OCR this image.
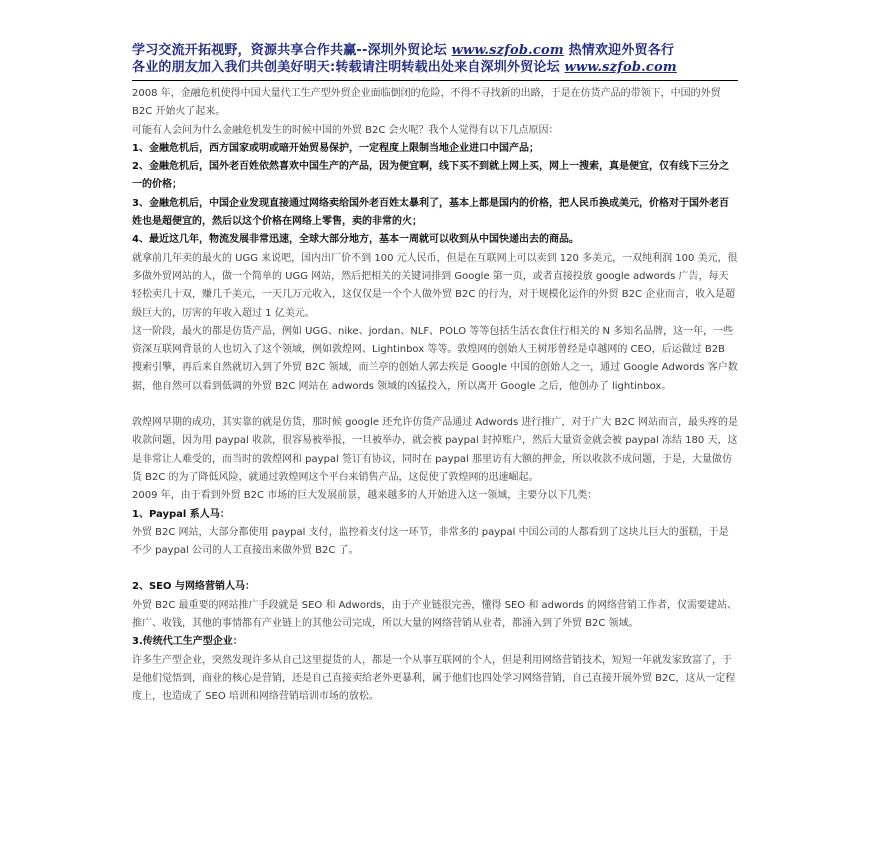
学习交流开拓视野，资源共享合作共赢--深圳外贸论坛 www.szfob.com 热情欢迎外贸各行
各业的朋友加入我们共创美好明天:转载请注明转载出处来自深圳外贸论坛 www.szfob.com

2008 年，金融危机使得中国大量代工生产型外贸企业面临倒闭的危险，不得不寻找新的出路，于是在仿货产品的带领下，中国的外贸 B2C 开始火了起来。

可能有人会问为什么金融危机发生的时候中国的外贸 B2C 会火呢？我个人觉得有以下几点原因：

1、金融危机后，西方国家或明或暗开始贸易保护，一定程度上限制当地企业进口中国产品；

2、金融危机后，国外老百姓依然喜欢中国生产的产品，因为便宜啊，线下买不到就上网上买，网上一搜索，真是便宜，仅有线下三分之一的价格；

3、金融危机后，中国企业发现直接通过网络卖给国外老百姓太暴利了，基本上都是国内的价格，把人民币换成美元，价格对于国外老百姓也是超便宜的，然后以这个价格在网络上零售，卖的非常的火；

4、最近这几年，物流发展非常迅速，全球大部分地方，基本一周就可以收到从中国快递出去的商品。

就拿前几年卖的最火的 UGG 来说吧，国内出厂价不到 100 元人民币，但是在互联网上可以卖到 120 多美元，一双纯利润 100 美元，很多做外贸网站的人，做一个简单的 UGG 网站，然后把相关的关键词排到 Google 第一页，或者直接投放 google adwords 广告，每天轻松卖几十双，赚几千美元，一天几万元收入，这仅仅是一个个人做外贸 B2C 的行为，对于规模化运作的外贸 B2C 企业而言，收入是超级巨大的，厉害的年收入超过 1 亿美元。

这一阶段，最火的都是仿货产品，例如 UGG、nike、jordan、NLF、POLO 等等包括生活衣食住行相关的 N 多知名品牌，这一年，一些资深互联网背景的人也切入了这个领域，例如敦煌网、Lightinbox 等等。敦煌网的创始人王树彤曾经是卓越网的 CEO，后运做过 B2B 搜索引擎，再后来自然就切入到了外贸 B2C 领域，而兰亭的创始人郭去疾是 Google 中国的创始人之一，通过 Google Adwords 客户数据，他自然可以看到低调的外贸 B2C 网站在 adwords 领域的凶猛投入，所以离开 Google 之后，他创办了 lightinbox。

敦煌网早期的成功，其实靠的就是仿货，那时候 google 还允许仿货产品通过 Adwords 进行推广，对于广大 B2C 网站而言，最头疼的是收款问题，因为用 paypal 收款，很容易被举报，一旦被举办，就会被 paypal 封掉账户，然后大量资金就会被 paypal 冻结 180 天，这是非常让人难受的，而当时的敦煌网和 paypal 签订有协议，同时在 paypal 那里访有大额的押金，所以收款不成问题，于是，大量做仿货 B2C 的为了降低风险，就通过敦煌网这个平台来销售产品，这促使了敦煌网的迅速崛起。

2009 年，由于看到外贸 B2C 市场的巨大发展前景，越来越多的人开始进入这一领域，主要分以下几类：

1、Paypal 系人马：

外贸 B2C 网站，大部分都使用 paypal 支付，监控着支付这一环节，非常多的 paypal 中国公司的人都看到了这块儿巨大的蛋糕，于是不少 paypal 公司的人工直接出来做外贸 B2C 了。

2、SEO 与网络营销人马：

外贸 B2C 最重要的网站推广手段就是 SEO 和 Adwords，由于产业链很完善，懂得 SEO 和 adwords 的网络营销工作者，仅需要建站、推广、收钱，其他的事情都有产业链上的其他公司完成，所以大量的网络营销从业者，都涌入到了外贸 B2C 领域。

3.传统代工生产型企业：

许多生产型企业，突然发现许多从自己这里提货的人，都是一个从事互联网的个人，但是利用网络营销技术，短短一年就发家致富了，于是他们觉悟到，商业的核心是营销，还是自己直接卖给老外更暴利，属于他们也四处学习网络营销，自己直接开展外贸 B2C，这从一定程度上，也造成了 SEO 培训和网络营销培训市场的放松。
